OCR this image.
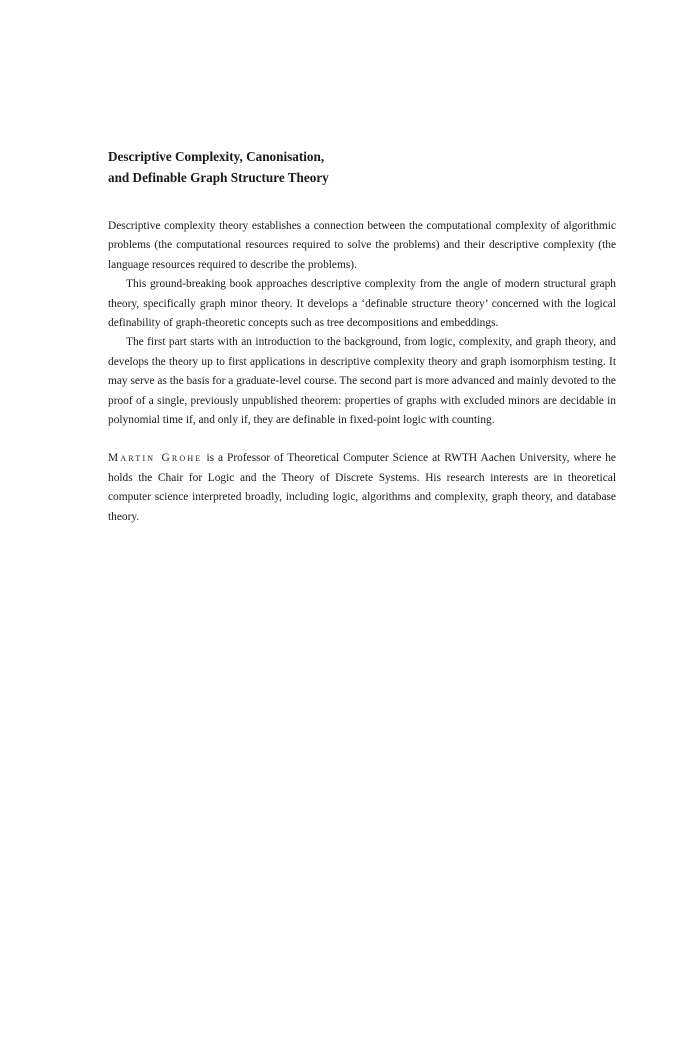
Descriptive Complexity, Canonisation,
and Definable Graph Structure Theory

Descriptive complexity theory establishes a connection between the computational complexity of algorithmic problems (the computational resources required to solve the problems) and their descriptive complexity (the language resources required to describe the problems).

This ground-breaking book approaches descriptive complexity from the angle of modern structural graph theory, specifically graph minor theory. It develops a ‘definable structure theory’ concerned with the logical definability of graph-theoretic concepts such as tree decompositions and embeddings.

The first part starts with an introduction to the background, from logic, complexity, and graph theory, and develops the theory up to first applications in descriptive complexity theory and graph isomorphism testing. It may serve as the basis for a graduate-level course. The second part is more advanced and mainly devoted to the proof of a single, previously unpublished theorem: properties of graphs with excluded minors are decidable in polynomial time if, and only if, they are definable in fixed-point logic with counting.

Martin Grohe is a Professor of Theoretical Computer Science at RWTH Aachen University, where he holds the Chair for Logic and the Theory of Discrete Systems. His research interests are in theoretical computer science interpreted broadly, including logic, algorithms and complexity, graph theory, and database theory.
